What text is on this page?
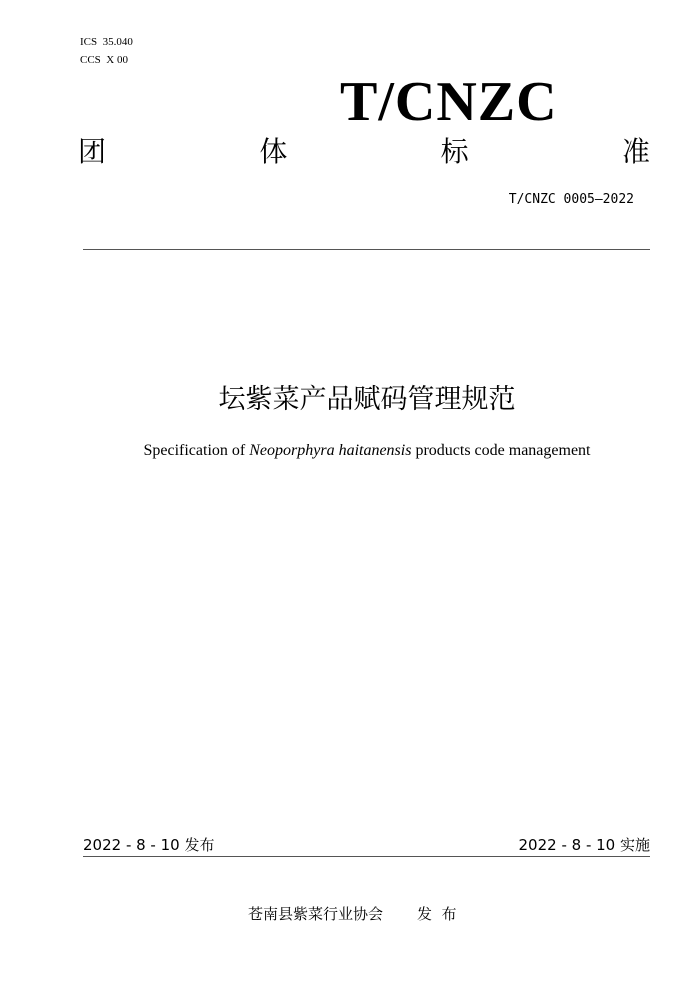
ICS  35.040
CCS  X 00
T/CNZC
团	体	标	准
T/CNZC 0005—2022
坛紫菜产品赋码管理规范
Specification of Neoporphyra haitanensis products code management
2022 - 8 - 10 发布	2022 - 8 - 10 实施
苍南县紫菜行业协会 发  布
